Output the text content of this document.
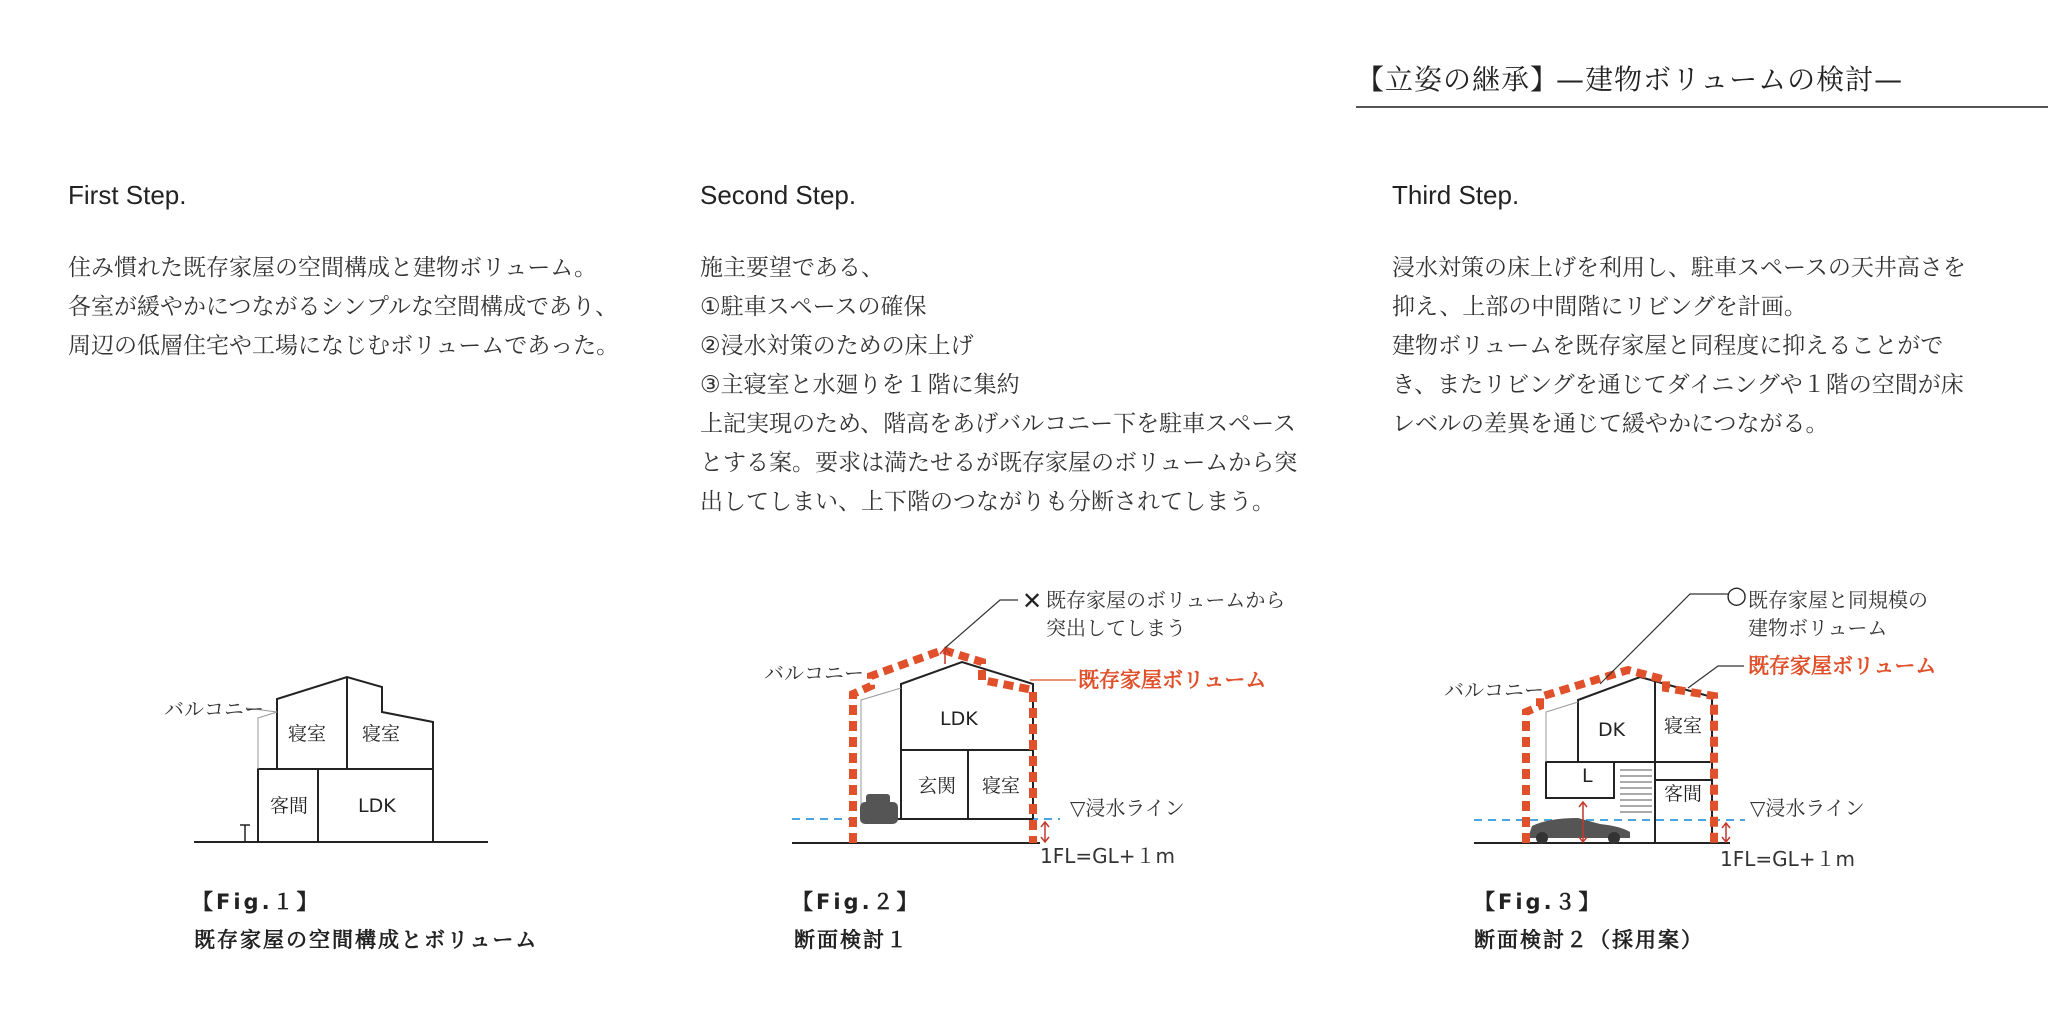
【立姿の継承】
—建物ボリュームの検討—
First Step.
住み慣れた既存家屋の空間構成と建物ボリューム。
各室が緩やかにつながるシンプルな空間構成であり、
周辺の低層住宅や工場になじむボリュームであった。
Second Step.
施主要望である、
①駐車スペースの確保
②浸水対策のための床上げ
③主寝室と水廻りを１階に集約
上記実現のため、階高をあげバルコニー下を駐車スペース
とする案。要求は満たせるが既存家屋のボリュームから突
出してしまい、上下階のつながりも分断されてしまう。
Third Step.
浸水対策の床上げを利用し、駐車スペースの天井高さを
抑え、上部の中間階にリビングを計画。
建物ボリュームを既存家屋と同程度に抑えることがで
き、またリビングを通じてダイニングや１階の空間が床
レベルの差異を通じて緩やかにつながる。
バルコニー
寝室 寝室
客間	LDK
【Fig.１】
既存家屋の空間構成とボリューム
✕ 既存家屋のボリュームから
突出してしまう
既存家屋ボリューム
▽浸水ライン
1FL=GL+１m
バルコニー
LDK
玄関 寝室
【Fig.２】
断面検討１
○ 既存家屋と同規模の
建物ボリューム
既存家屋ボリューム
▽浸水ライン
1FL=GL+１m
バルコニー
DK 寝室
L
客間
【Fig.３】
断面検討２（採用案）
